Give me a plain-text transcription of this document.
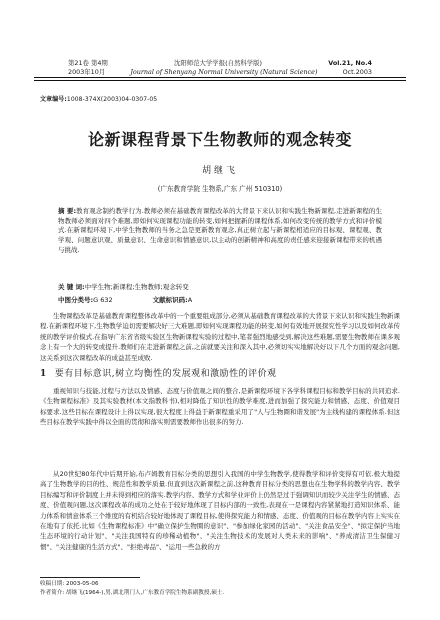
第21卷 第4期	沈阳师范大学学报(自然科学版)	Vol.21, No.4
2003年10月	Journal of Shenyang Normal University (Natural Science)	Oct.2003
文章编号:1008-374X(2003)04-0307-05
论新课程背景下生物教师的观念转变
胡继飞
(广东教育学院 生物系,广东 广州 510310)
摘 要:教育观念制约教学行为.教师必须在基础教育课程改革的大背景下来认识和实践生物新课程,走进新课程的生物教师必须面对四个难题,即如何实现课程功能的转变,如何把握新的课程体系,如何改变传统的教学方式和评价模式.在新课程环境下,中学生物教师的当务之急是更新教育观念,真正树立起与新课程相适应的目标观、课程观、教学观、问题意识观、质量意识、生命意识和情感意识,以主动的创新精神和高度的责任感来迎接新课程带来的机遇与挑战.
关 键 词:中学生物;新课程;生物教师;观念转变
中图分类号:G 632	文献标识码:A
生物课程改革是基础教育课程整体改革中的一个重要组成部分,必须从基础教育课程改革的大背景下来认识和实践生物新课程.在新课程环境下,生物教学迫切需要解决好三大难题,即如何实现课程功能的转变,如何有效地开展探究性学习以及如何改革传统的教学评价模式.在指导广东省省级实验区生物新课程实验的过程中,笔者强烈地感受到,解决这些难题,需要生物教师在课多观念上有一个大的转变或提升.教师们在走进新课程之前,之前就要关注和深入其中,必须切实实地解决好以下几个方面的观念问题,这关系到这次课程改革的成益甚至成败.
1 要有目标意识,树立均衡性的发展观和激励性的评价观
重视知识与技能,过程与方法以及情感、态度与价值观之间的整合,是新课程环境下各学科课程目标和教学目标的共同追求.《生物课程标准》及其实验教材(本文指教科书),相对降低了知识性的教学难度,进而加强了探究能力和情感、态度、价值观目标要求.这些目标在课程设计上得以实现,很大程度上得益于新课程重采用了"人与生物圈和谐发展"为主线构建的课程体系.但这些目标在教学实践中得以全面的贯彻和落实则需要教师作出很多的努力.
从20世纪80年代中后期开始,布卢姆教育目标分类的思想引入我国的中学生物教学,使得教学和评价变得有可依.极大地提高了生物教学的目的性、规范性和教学质量.但直到这次新课程之前,这种教育目标分类的思想也在生物学科的教学内容、教学目标编写和评价制度上并未得到相应的落实.教学内容、教学方式和学业评价上仍然是过于强调知识而较少关注学生的情感、态度、价值观问题,这次课程改革的成功之处在于较好地体现了目标内部的一致性,表现在一是课程内容紧紧地打造知识体系、能力体系和情意体系三个维度的有机结合较好地体现了课程目标,使得探究能力和情感、态度、价值观的目标在教学内容上实实在在地有了依托.比如《生物课程标准》中"确立保护生物圈的意识"、"参加绿化家园的活动"、"关注食品安全"、"拟定保护当地生态环境的行动计划"、"关注我国特有的珍稀动植物"、"关注生物技术的发展对人类未来的影响"、"养成清洁卫生保健习惯"、"关注健康的生活方式"、"拒绝毒品"、"运用一些急救的方
收稿日期: 2003-05-06
作者简介: 胡继飞(1964-),男,湖北荆门人,广东教育学院生物系副教授,硕士.
